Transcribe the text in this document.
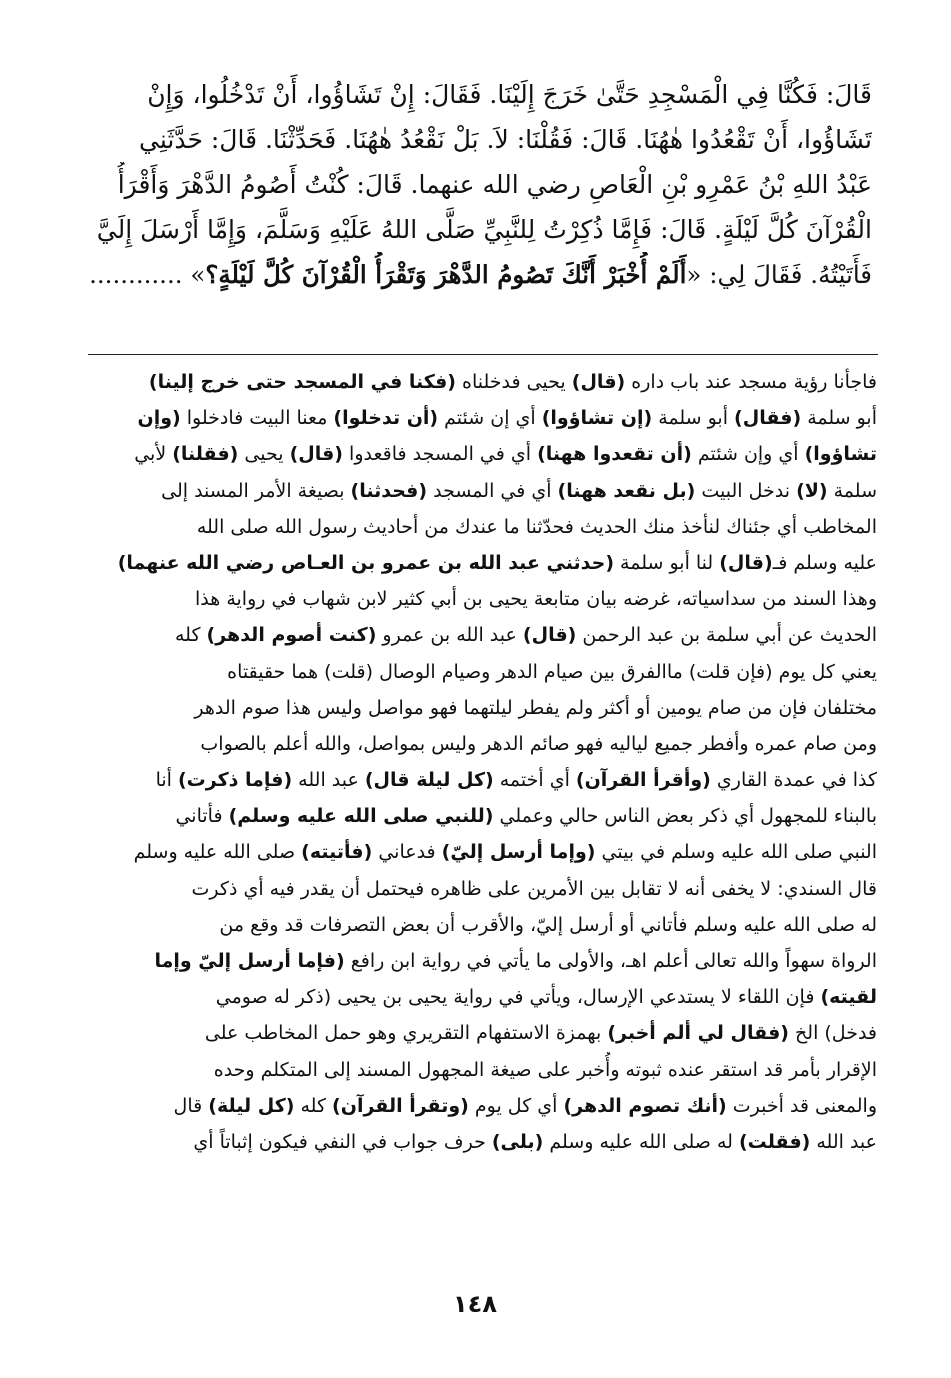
قَالَ: فَكُنَّا فِي الْمَسْجِدِ حَتَّىٰ خَرَجَ إِلَيْنَا. فَقَالَ: إِنْ تَشَاؤُوا، أَنْ تَدْخُلُوا، وَإِنْ
تَشَاؤُوا، أَنْ تَقْعُدُوا هٰهُنَا. قَالَ: فَقُلْنَا: لاَ. بَلْ نَقْعُدُ هٰهُنَا. فَحَدِّثْنَا. قَالَ: حَدَّثَنِي
عَبْدُ اللهِ بْنُ عَمْرِو بْنِ الْعَاصِ رضي الله عنهما. قَالَ: كُنْتُ أَصُومُ الدَّهْرَ وَأَقْرَأُ
الْقُرْآنَ كُلَّ لَيْلَةٍ. قَالَ: فَإِمَّا ذُكِرْتُ لِلنَّبِيِّ صَلَّى اللهُ عَلَيْهِ وَسَلَّمَ، وَإِمَّا أَرْسَلَ إِلَيَّ
فَأَتَيْتُهُ. فَقَالَ لِي: «أَلَمْ أُخْبَرْ أَنَّكَ تَصُومُ الدَّهْرَ وَتَقْرَأُ الْقُرْآنَ كُلَّ لَيْلَةٍ؟» ............
فاجأنا رؤية مسجد عند باب داره (قال) يحيى فدخلناه (فكنا في المسجد حتى خرج إلينا)
أبو سلمة (فقال) أبو سلمة (إن تشاؤوا) أي إن شئتم (أن تدخلوا) معنا البيت فادخلوا (وإن
تشاؤوا) أي وإن شئتم (أن تقعدوا ههنا) أي في المسجد فاقعدوا (قال) يحيى (فقلنا) لأبي
سلمة (لا) ندخل البيت (بل نقعد ههنا) أي في المسجد (فحدثنا) بصيغة الأمر المسند إلى
المخاطب أي جئناك لنأخذ منك الحديث فحدّثنا ما عندك من أحاديث رسول الله صلى الله
عليه وسلم فـ(قال) لنا أبو سلمة (حدثني عبد الله بن عمرو بن العـاص رضي الله عنهما)
وهذا السند من سداسياته، غرضه بيان متابعة يحيى بن أبي كثير لابن شهاب في رواية هذا
الحديث عن أبي سلمة بن عبد الرحمن (قال) عبد الله بن عمرو (كنت أصوم الدهر) كله
يعني كل يوم (فإن قلت) ماالفرق بين صيام الدهر وصيام الوصال (قلت) هما حقيقتاه
مختلفان فإن من صام يومين أو أكثر ولم يفطر ليلتهما فهو مواصل وليس هذا صوم الدهر
ومن صام عمره وأفطر جميع لياليه فهو صائم الدهر وليس بمواصل، والله أعلم بالصواب
كذا في عمدة القاري (وأقرأ القرآن) أي أختمه (كل ليلة قال) عبد الله (فإما ذكرت) أنا
بالبناء للمجهول أي ذكر بعض الناس حالي وعملي (للنبي صلى الله عليه وسلم) فأتاني
النبي صلى الله عليه وسلم في بيتي (وإما أرسل إليّ) فدعاني (فأتيته) صلى الله عليه وسلم
قال السندي: لا يخفى أنه لا تقابل بين الأمرين على ظاهره فيحتمل أن يقدر فيه أي ذكرت
له صلى الله عليه وسلم فأتاني أو أرسل إليّ، والأقرب أن بعض التصرفات قد وقع من
الرواة سهواً والله تعالى أعلم اهـ، والأولى ما يأتي في رواية ابن رافع (فإما أرسل إليّ وإما
لقيته) فإن اللقاء لا يستدعي الإرسال، ويأتي في رواية يحيى بن يحيى (ذكر له صومي
فدخل) الخ (فقال لي ألم أخبر) بهمزة الاستفهام التقريري وهو حمل المخاطب على
الإقرار بأمر قد استقر عنده ثبوته وأُخبر على صيغة المجهول المسند إلى المتكلم وحده
والمعنى قد أخبرت (أنك تصوم الدهر) أي كل يوم (وتقرأ القرآن) كله (كل ليلة) قال
عبد الله (فقلت) له صلى الله عليه وسلم (بلى) حرف جواب في النفي فيكون إثباتاً أي
١٤٨
